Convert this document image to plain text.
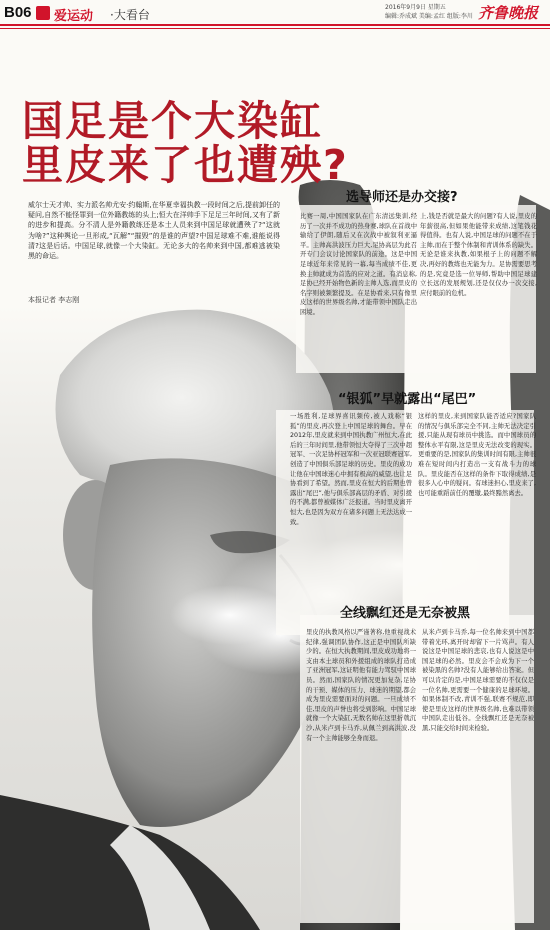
B06 爱运动 ·大看台
2016年9月9日 星期五
编辑:乔成斌 美编:孟红 组版:李川 齐鲁晚报
国足是个大染缸
里皮来了也遭殃?
威尔士天才帅、实力派名帅尤安·约翰斯,在华夏幸福执教一段时间之后,提前卸任的疑问,自然不能怪罪到一位外籍教练的头上;恒大在洋帅手下足足三年时间,又有了新的进步和提高。分不清人是外籍教练还是本土人员来到中国足球就遭殃了?“这就为啥?”这种舆论一旦形成,“瓦解”“摧毁”的是谁的声望?中国足球难不难,谁能说得清?这是后话。中国足球,就像一个大染缸。无论多大的名帅来到中国,都难逃被染黑的命运。
本报记者 李志刚
选导师还是办交接?
比赛一周,中国国家队在广东清远集训,经历了一次并不成功的热身赛,球队在首战中输给了伊朗,随后又在次战中被叙利亚逼平。主帅高洪波压力巨大,足协高层为此召开专门会议讨论国家队的前途。这是中国足球近年来常见的一幕,每当成绩不佳,更换主帅就成为首选的应对之道。有消息称,足协已经开始物色新的主帅人选,而里皮的名字则被频繁提及。在足协看来,只有像里皮这样的世界级名帅,才能带领中国队走出困境。
上,钱是否就是最大的问题?有人说,里皮的年薪很高,但如果他能带来成绩,这笔钱花得值得。也有人说,中国足球的问题不在于主帅,而在于整个体制和青训体系的缺失。无论是谁来执教,如果根子上的问题不解决,再好的教练也无能为力。足协需要思考的是,究竟是选一位导师,帮助中国足球建立长远的发展规划,还是仅仅办一次交接,应付眼前的危机。
“银狐”早就露出“尾巴”
一场胜利,足球界喜讯频传,被人戏称“银狐”的里皮,再次登上中国足球的舞台。早在2012年,里皮就来到中国执教广州恒大,在此后的三年时间里,他带领恒大夺得了三次中超冠军、一次足协杯冠军和一次亚冠联赛冠军,创造了中国俱乐部足球的历史。里皮的成功让他在中国球迷心中拥有极高的威望,也让足协看到了希望。然而,里皮在恒大的后期也曾露出“尾巴”,他与俱乐部高层的矛盾、对引援的不满,都曾被媒体广泛报道。当时里皮离开恒大,也是因为双方在诸多问题上无法达成一致。
这样的里皮,来到国家队能否适应?国家队的情况与俱乐部完全不同,主帅无法决定引援,只能从现有球员中挑选。而中国球员的整体水平有限,这是里皮无法改变的现实。更重要的是,国家队的集训时间有限,主帅很难在短时间内打造出一支有战斗力的球队。里皮能否在这样的条件下取得成绩,是很多人心中的疑问。有球迷担心,里皮来了,也可能重蹈前任的覆辙,最终黯然离去。
全线飘红还是无奈被黑
里皮的执教风格以严谨著称,他重视战术纪律,强调团队协作,这正是中国队所缺少的。在恒大执教期间,里皮成功地将一支由本土球员和外援组成的球队打造成了亚洲冠军,这证明他有能力驾驭中国球员。然而,国家队的情况更加复杂,足协的干预、媒体的压力、球迷的期望,都会成为里皮需要面对的问题。一旦成绩不佳,里皮的声誉也将受到影响。中国足球就像一个大染缸,无数名帅在这里折戟沉沙,从米卢到卡马乔,从佩兰到高洪波,没有一个主帅能够全身而退。
从米卢到卡马乔,每一位名帅来到中国都带着光环,离开时却留下一片骂声。有人说这是中国足球的悲哀,也有人说这是中国足球的必然。里皮会不会成为下一个被染黑的名帅?没有人能够给出答案。但可以肯定的是,中国足球需要的不仅仅是一位名帅,更需要一个健康的足球环境。如果体制不改,青训不强,联赛不规范,即使是里皮这样的世界级名帅,也难以带领中国队走出低谷。全线飘红还是无奈被黑,只能交给时间来检验。
